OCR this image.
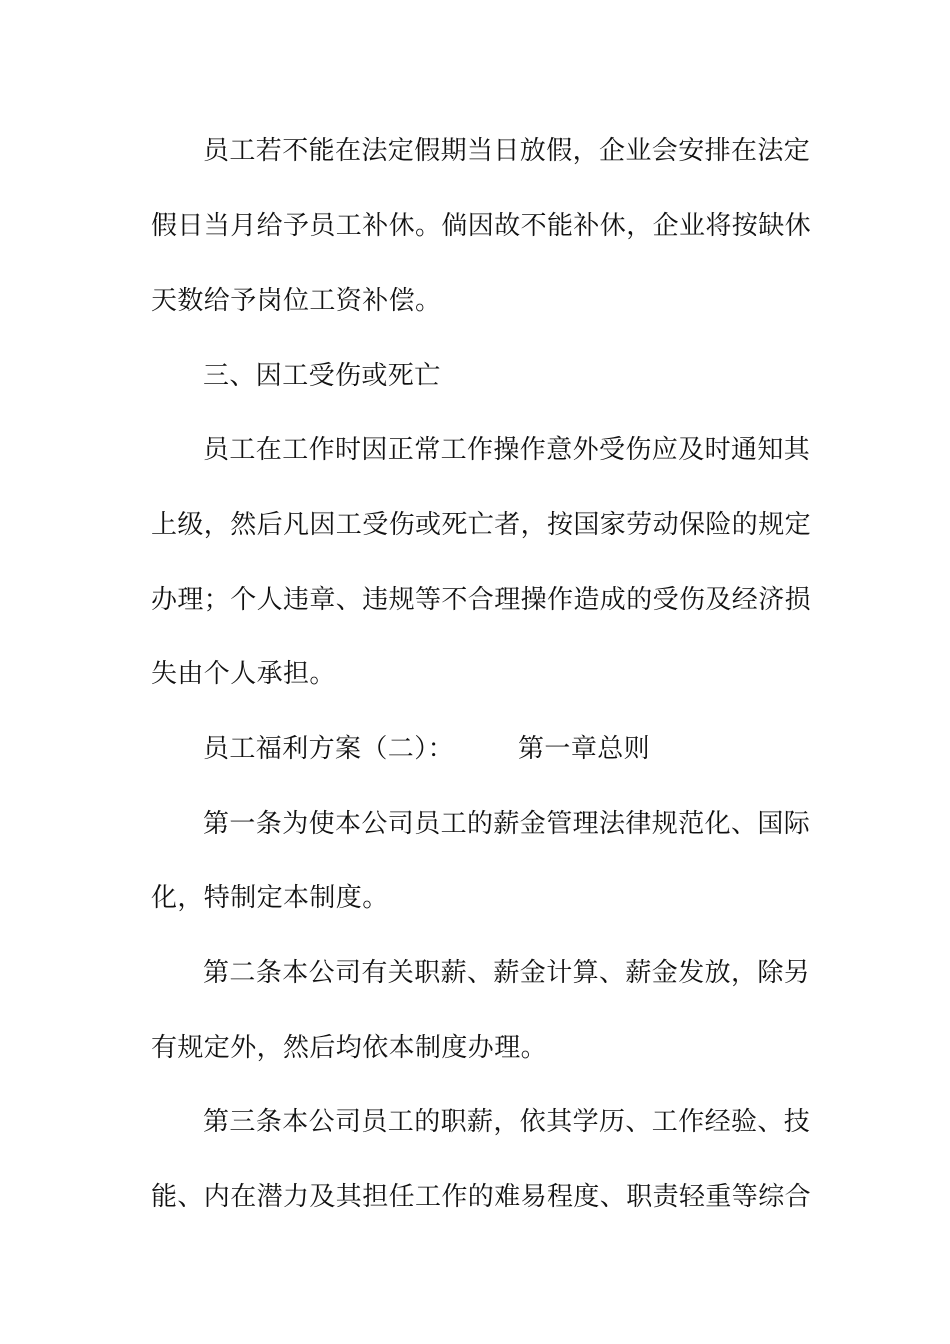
员工若不能在法定假期当日放假，企业会安排在法定
假日当月给予员工补休。倘因故不能补休，企业将按缺休
天数给予岗位工资补偿。
三、因工受伤或死亡
员工在工作时因正常工作操作意外受伤应及时通知其
上级，然后凡因工受伤或死亡者，按国家劳动保险的规定
办理；个人违章、违规等不合理操作造成的受伤及经济损
失由个人承担。
员工福利方案（二）： 第一章总则
第一条为使本公司员工的薪金管理法律规范化、国际
化，特制定本制度。
第二条本公司有关职薪、薪金计算、薪金发放，除另
有规定外，然后均依本制度办理。
第三条本公司员工的职薪，依其学历、工作经验、技
能、内在潜力及其担任工作的难易程度、职责轻重等综合
